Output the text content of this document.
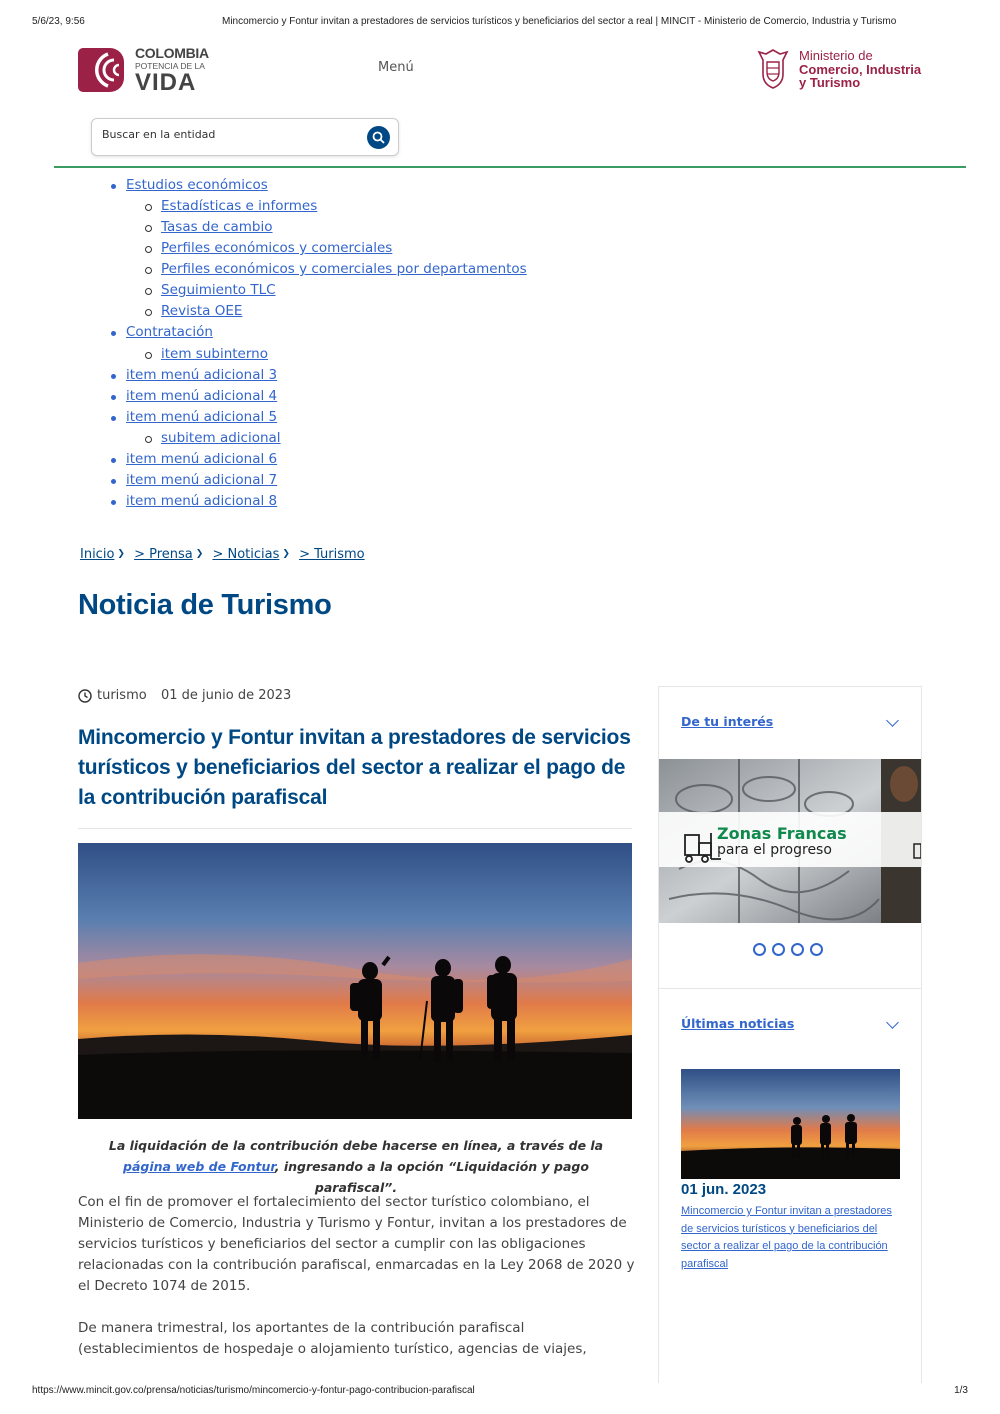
5/6/23, 9:56	Mincomercio y Fontur invitan a prestadores de servicios turísticos y beneficiarios del sector a real | MINCIT - Ministerio de Comercio, Industria y Turismo
COLOMBIA
POTENCIA DE LA
VIDA
Menú
Ministerio de
Comercio, Industria
y Turismo
Buscar en la entidad
Estudios económicos
Estadísticas e informes
Tasas de cambio
Perfiles económicos y comerciales
Perfiles económicos y comerciales por departamentos
Seguimiento TLC
Revista OEE
Contratación
item subinterno
item menú adicional 3
item menú adicional 4
item menú adicional 5
subitem adicional
item menú adicional 6
item menú adicional 7
item menú adicional 8
Inicio ❯ > Prensa ❯ > Noticias ❯ > Turismo
Noticia de Turismo
turismo 01 de junio de 2023
Mincomercio y Fontur invitan a prestadores de servicios turísticos y beneficiarios del sector a realizar el pago de la contribución parafiscal

La liquidación de la contribución debe hacerse en línea, a través de la página web de Fontur, ingresando a la opción “Liquidación y pago parafiscal”.

Con el fin de promover el fortalecimiento del sector turístico colombiano, el Ministerio de Comercio, Industria y Turismo y Fontur, invitan a los prestadores de servicios turísticos y beneficiarios del sector a cumplir con las obligaciones relacionadas con la contribución parafiscal, enmarcadas en la Ley 2068 de 2020 y el Decreto 1074 de 2015.

De manera trimestral, los aportantes de la contribución parafiscal (establecimientos de hospedaje o alojamiento turístico, agencias de viajes,

De tu interés
Zonas Francas
para el progreso
Últimas noticias
01 jun. 2023
Mincomercio y Fontur invitan a prestadores de servicios turísticos y beneficiarios del sector a realizar el pago de la contribución parafiscal
https://www.mincit.gov.co/prensa/noticias/turismo/mincomercio-y-fontur-pago-contribucion-parafiscal	1/3
